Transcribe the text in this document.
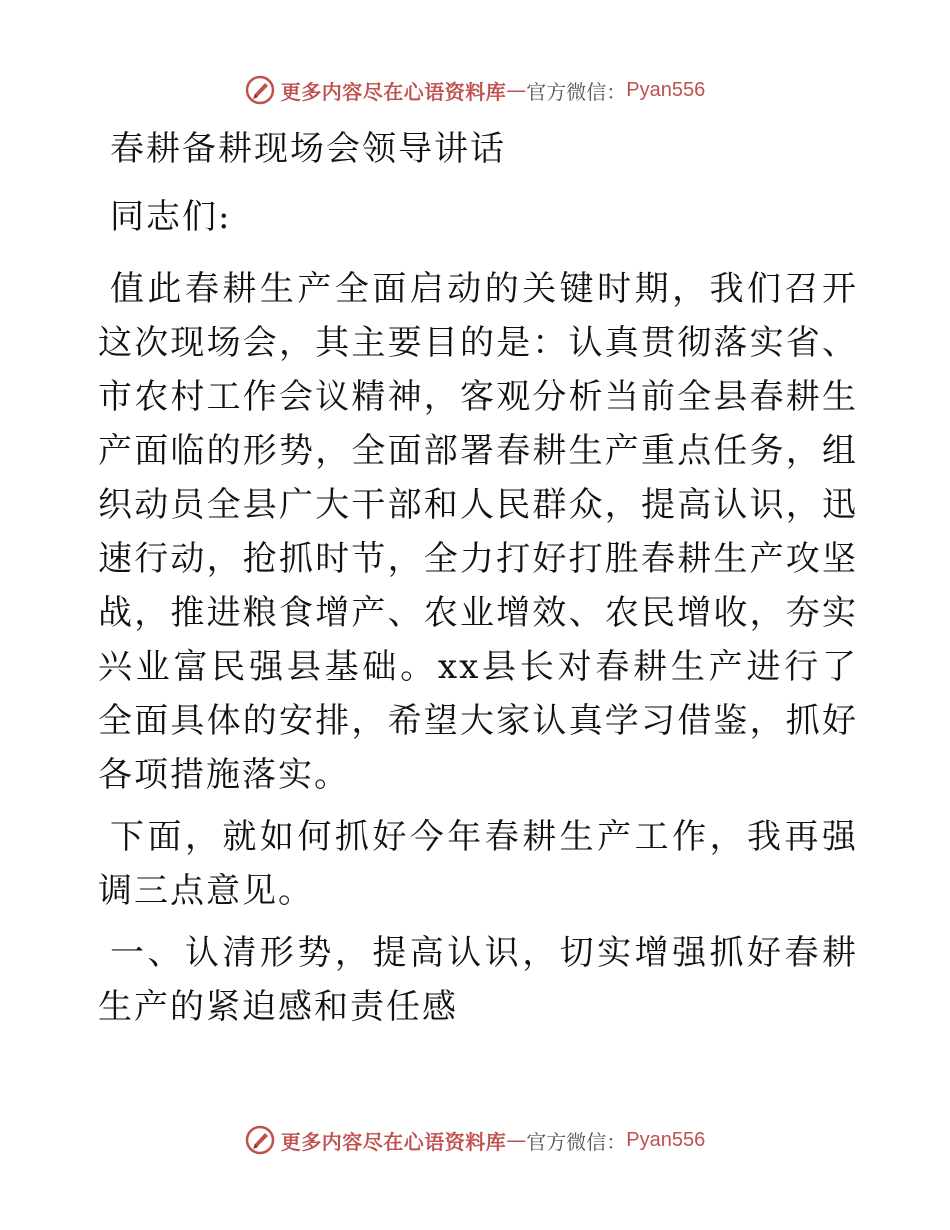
更多内容尽在心语资料库 — 官方微信： Pyan556

春耕备耕现场会领导讲话

同志们:

值此春耕生产全面启动的关键时期，我们召开这次现场会，其主要目的是：认真贯彻落实省、市农村工作会议精神，客观分析当前全县春耕生产面临的形势，全面部署春耕生产重点任务，组织动员全县广大干部和人民群众，提高认识，迅速行动，抢抓时节，全力打好打胜春耕生产攻坚战，推进粮食增产、农业增效、农民增收，夯实兴业富民强县基础。xx县长对春耕生产进行了全面具体的安排，希望大家认真学习借鉴，抓好各项措施落实。

下面，就如何抓好今年春耕生产工作，我再强调三点意见。

一、认清形势，提高认识，切实增强抓好春耕生产的紧迫感和责任感

更多内容尽在心语资料库 — 官方微信： Pyan556
